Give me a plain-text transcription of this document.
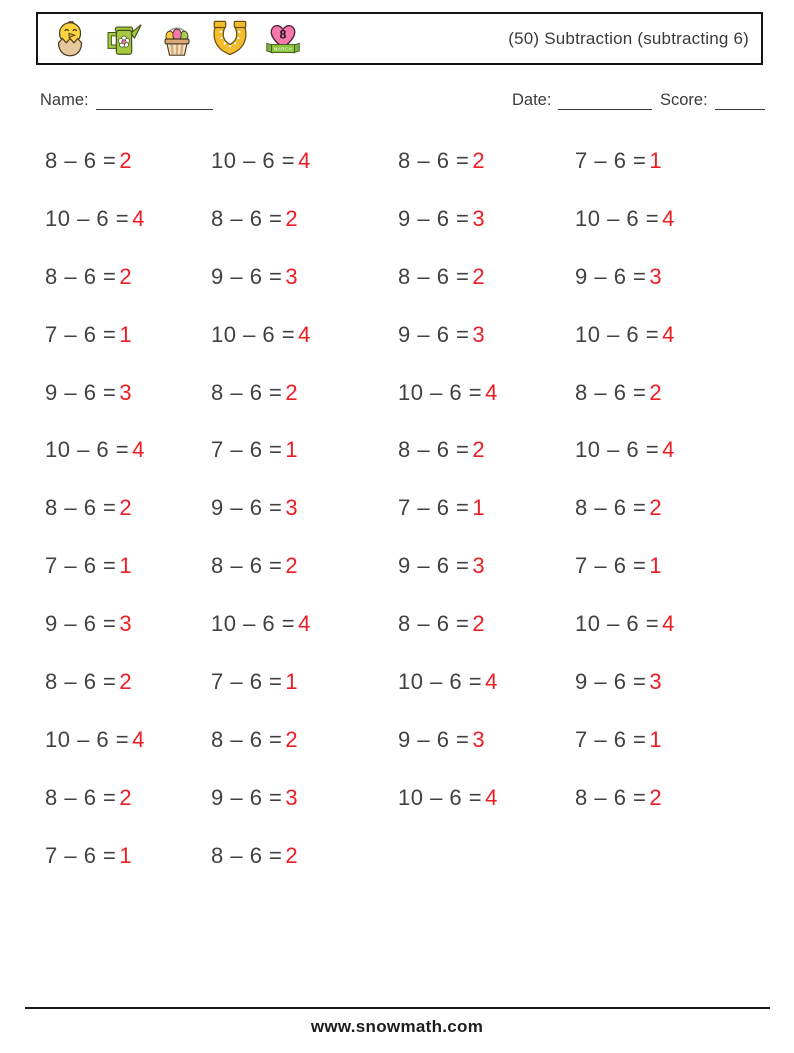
8
MARCH
(50) Subtraction (subtracting 6)
Name:	Date:	Score:
8 – 6 = 2	10 – 6 = 4	8 – 6 = 2	7 – 6 = 1
10 – 6 = 4	8 – 6 = 2	9 – 6 = 3	10 – 6 = 4
8 – 6 = 2	9 – 6 = 3	8 – 6 = 2	9 – 6 = 3
7 – 6 = 1	10 – 6 = 4	9 – 6 = 3	10 – 6 = 4
9 – 6 = 3	8 – 6 = 2	10 – 6 = 4	8 – 6 = 2
10 – 6 = 4	7 – 6 = 1	8 – 6 = 2	10 – 6 = 4
8 – 6 = 2	9 – 6 = 3	7 – 6 = 1	8 – 6 = 2
7 – 6 = 1	8 – 6 = 2	9 – 6 = 3	7 – 6 = 1
9 – 6 = 3	10 – 6 = 4	8 – 6 = 2	10 – 6 = 4
8 – 6 = 2	7 – 6 = 1	10 – 6 = 4	9 – 6 = 3
10 – 6 = 4	8 – 6 = 2	9 – 6 = 3	7 – 6 = 1
8 – 6 = 2	9 – 6 = 3	10 – 6 = 4	8 – 6 = 2
7 – 6 = 1	8 – 6 = 2
www.snowmath.com
